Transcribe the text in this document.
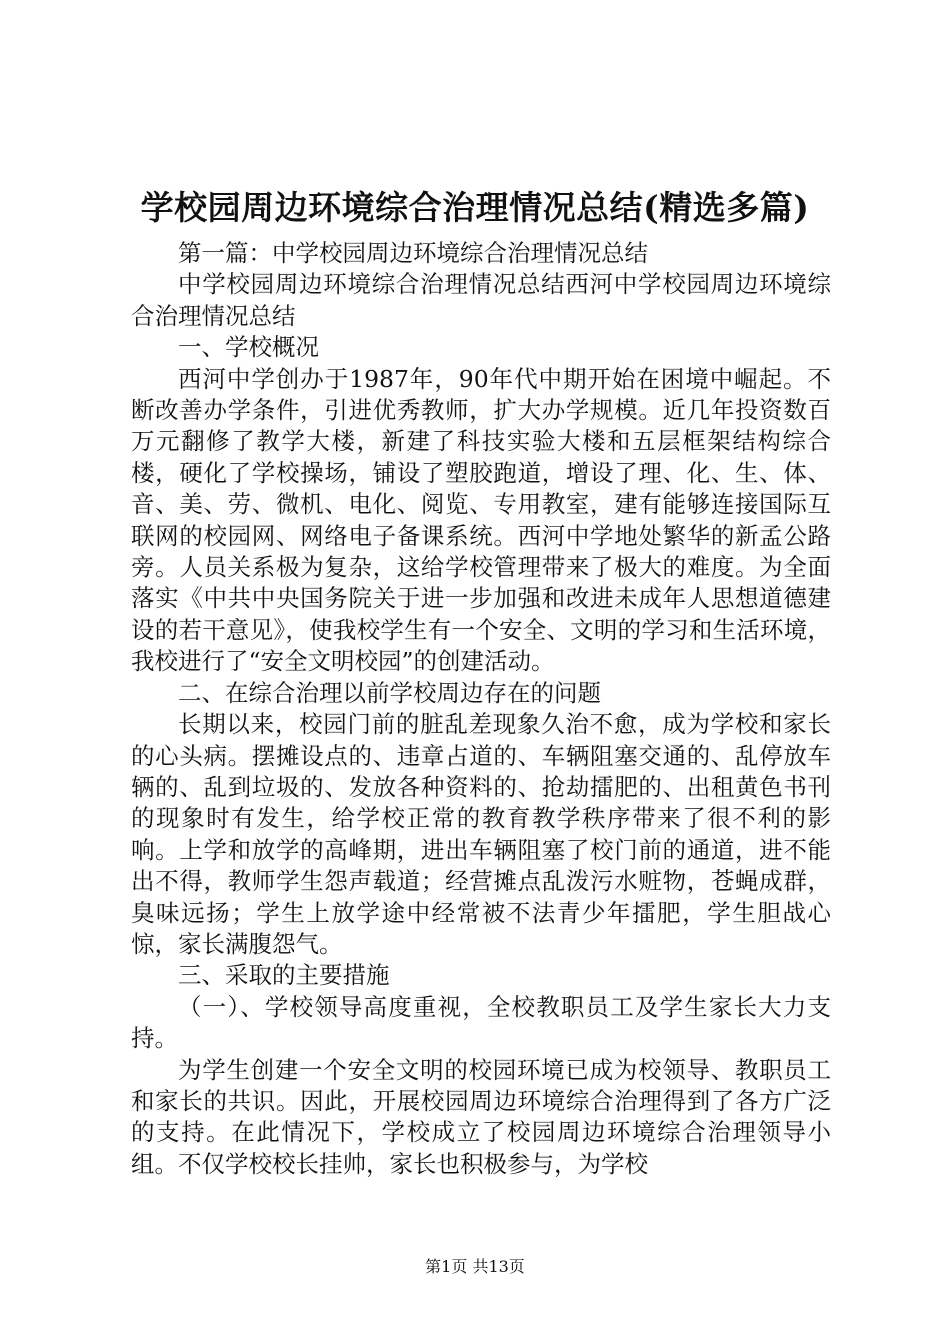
学校园周边环境综合治理情况总结(精选多篇)

第一篇：中学校园周边环境综合治理情况总结

中学校园周边环境综合治理情况总结西河中学校园周边环境综合治理情况总结

一、学校概况

西河中学创办于1987年，90年代中期开始在困境中崛起。不断改善办学条件，引进优秀教师，扩大办学规模。近几年投资数百万元翻修了教学大楼，新建了科技实验大楼和五层框架结构综合楼，硬化了学校操场，铺设了塑胶跑道，增设了理、化、生、体、音、美、劳、微机、电化、阅览、专用教室，建有能够连接国际互联网的校园网、网络电子备课系统。西河中学地处繁华的新孟公路旁。人员关系极为复杂，这给学校管理带来了极大的难度。为全面落实《中共中央国务院关于进一步加强和改进未成年人思想道德建设的若干意见》，使我校学生有一个安全、文明的学习和生活环境，我校进行了“安全文明校园”的创建活动。

二、在综合治理以前学校周边存在的问题

长期以来，校园门前的脏乱差现象久治不愈，成为学校和家长的心头病。摆摊设点的、违章占道的、车辆阻塞交通的、乱停放车辆的、乱到垃圾的、发放各种资料的、抢劫擂肥的、出租黄色书刊的现象时有发生，给学校正常的教育教学秩序带来了很不利的影响。上学和放学的高峰期，进出车辆阻塞了校门前的通道，进不能出不得，教师学生怨声载道；经营摊点乱泼污水赃物，苍蝇成群，臭味远扬；学生上放学途中经常被不法青少年擂肥，学生胆战心惊，家长满腹怨气。

三、采取的主要措施

（一）、学校领导高度重视，全校教职员工及学生家长大力支持。

为学生创建一个安全文明的校园环境已成为校领导、教职员工和家长的共识。因此，开展校园周边环境综合治理得到了各方广泛的支持。在此情况下，学校成立了校园周边环境综合治理领导小组。不仅学校校长挂帅，家长也积极参与，为学校

第1页 共13页
